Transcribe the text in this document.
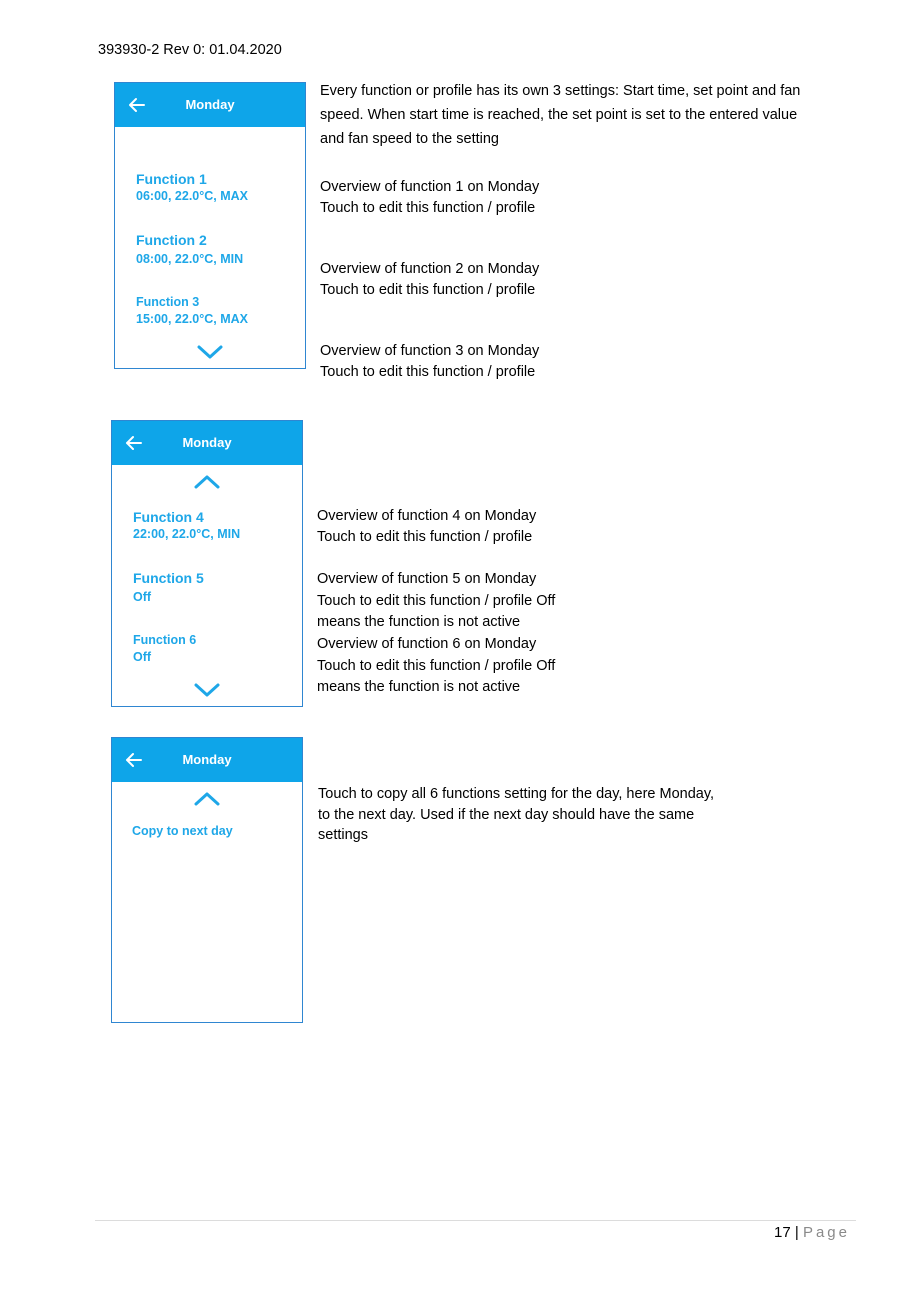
393930-2 Rev 0: 01.04.2020
Monday
Function 1
06:00, 22.0°C, MAX
Function 2
08:00, 22.0°C, MIN
Function 3
15:00, 22.0°C, MAX
Monday
Function 4
22:00, 22.0°C, MIN
Function 5
Off
Function 6
Off
Monday
Copy to next day
Every function or profile has its own 3 settings: Start time, set point and fan
speed. When start time is reached, the set point is set to the entered value
and fan speed to the setting
Overview of function 1 on Monday
Touch to edit this function / profile
Overview of function 2 on Monday
Touch to edit this function / profile
Overview of function 3 on Monday
Touch to edit this function / profile
Overview of function 4 on Monday
Touch to edit this function / profile
Overview of function 5 on Monday
Touch to edit this function / profile Off
means the function is not active
Overview of function 6 on Monday
Touch to edit this function / profile Off
means the function is not active
Touch to copy all 6 functions setting for the day, here Monday,
to the next day. Used if the next day should have the same
settings
17 | Page
